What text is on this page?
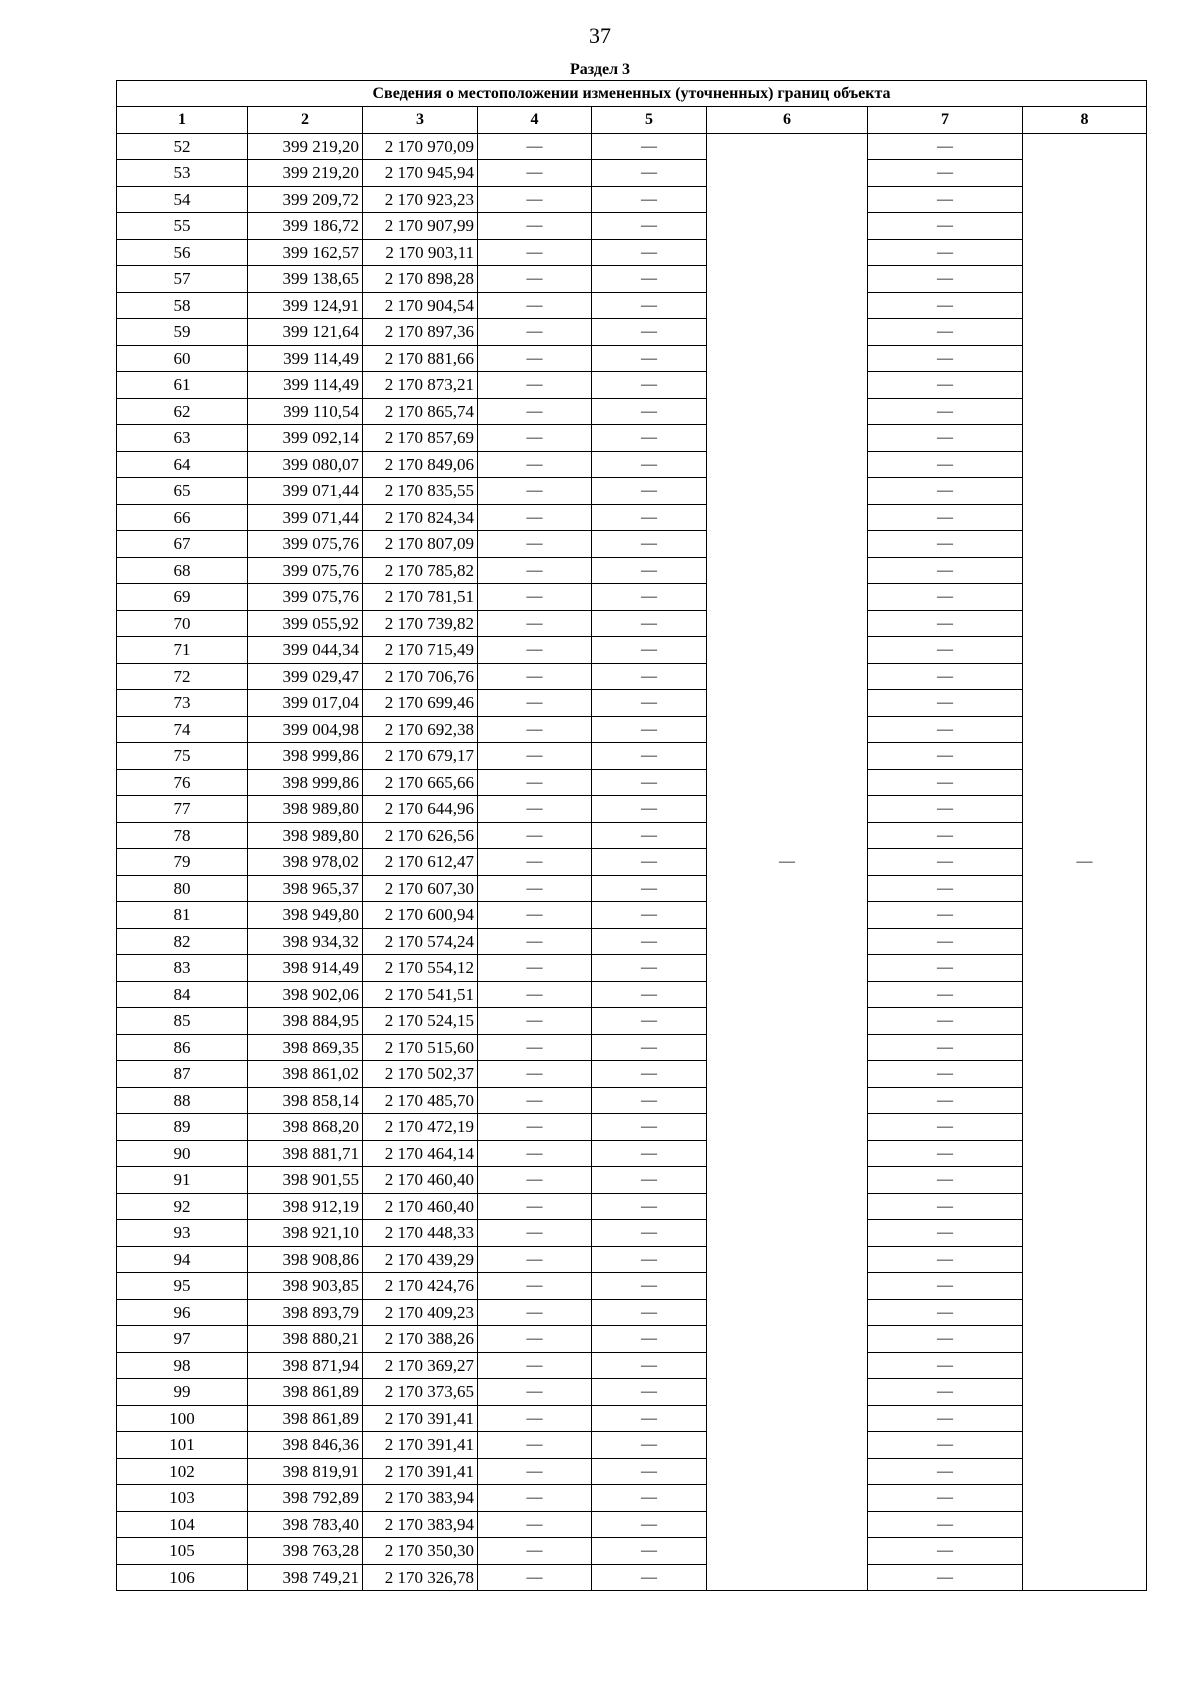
37
Раздел 3
Сведения о местоположении измененных (уточненных) границ объекта							
1	2	3	4	5	6	7	8
52	399 219,20	2 170 970,09	—	—	—	—	—
53	399 219,20	2 170 945,94	—	—		—	
54	399 209,72	2 170 923,23	—	—		—	
55	399 186,72	2 170 907,99	—	—		—	
56	399 162,57	2 170 903,11	—	—		—	
57	399 138,65	2 170 898,28	—	—		—	
58	399 124,91	2 170 904,54	—	—		—	
59	399 121,64	2 170 897,36	—	—		—	
60	399 114,49	2 170 881,66	—	—		—	
61	399 114,49	2 170 873,21	—	—		—	
62	399 110,54	2 170 865,74	—	—		—	
63	399 092,14	2 170 857,69	—	—		—	
64	399 080,07	2 170 849,06	—	—		—	
65	399 071,44	2 170 835,55	—	—		—	
66	399 071,44	2 170 824,34	—	—		—	
67	399 075,76	2 170 807,09	—	—		—	
68	399 075,76	2 170 785,82	—	—		—	
69	399 075,76	2 170 781,51	—	—		—	
70	399 055,92	2 170 739,82	—	—		—	
71	399 044,34	2 170 715,49	—	—		—	
72	399 029,47	2 170 706,76	—	—		—	
73	399 017,04	2 170 699,46	—	—		—	
74	399 004,98	2 170 692,38	—	—		—	
75	398 999,86	2 170 679,17	—	—		—	
76	398 999,86	2 170 665,66	—	—		—	
77	398 989,80	2 170 644,96	—	—		—	
78	398 989,80	2 170 626,56	—	—		—	
79	398 978,02	2 170 612,47	—	—		—	
80	398 965,37	2 170 607,30	—	—		—	
81	398 949,80	2 170 600,94	—	—		—	
82	398 934,32	2 170 574,24	—	—		—	
83	398 914,49	2 170 554,12	—	—		—	
84	398 902,06	2 170 541,51	—	—		—	
85	398 884,95	2 170 524,15	—	—		—	
86	398 869,35	2 170 515,60	—	—		—	
87	398 861,02	2 170 502,37	—	—		—	
88	398 858,14	2 170 485,70	—	—		—	
89	398 868,20	2 170 472,19	—	—		—	
90	398 881,71	2 170 464,14	—	—		—	
91	398 901,55	2 170 460,40	—	—		—	
92	398 912,19	2 170 460,40	—	—		—	
93	398 921,10	2 170 448,33	—	—		—	
94	398 908,86	2 170 439,29	—	—		—	
95	398 903,85	2 170 424,76	—	—		—	
96	398 893,79	2 170 409,23	—	—		—	
97	398 880,21	2 170 388,26	—	—		—	
98	398 871,94	2 170 369,27	—	—		—	
99	398 861,89	2 170 373,65	—	—		—	
100	398 861,89	2 170 391,41	—	—		—	
101	398 846,36	2 170 391,41	—	—		—	
102	398 819,91	2 170 391,41	—	—		—	
103	398 792,89	2 170 383,94	—	—		—	
104	398 783,40	2 170 383,94	—	—		—	
105	398 763,28	2 170 350,30	—	—		—	
106	398 749,21	2 170 326,78	—	—		—	
